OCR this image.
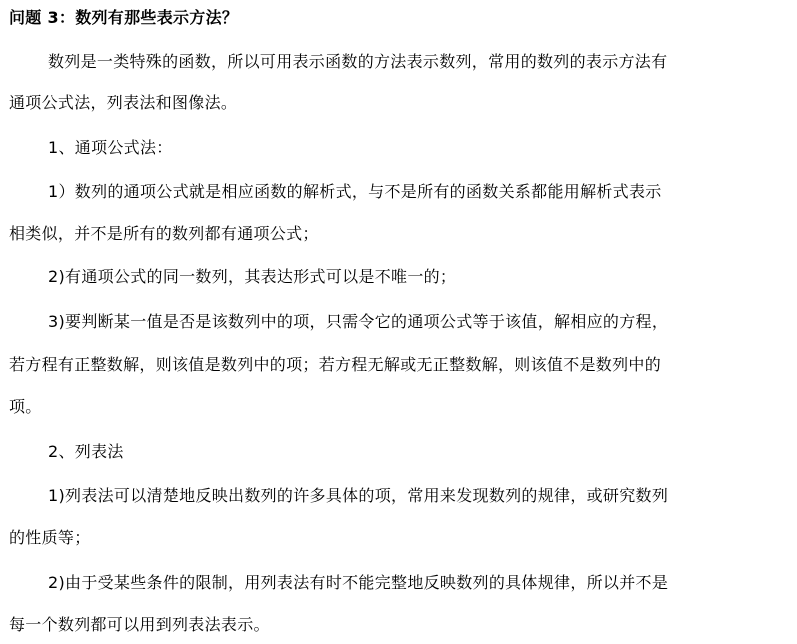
问题 3：数列有那些表示方法？
数列是一类特殊的函数，所以可用表示函数的方法表示数列，常用的数列的表示方法有
通项公式法，列表法和图像法。
1、通项公式法：
1）数列的通项公式就是相应函数的解析式，与不是所有的函数关系都能用解析式表示
相类似，并不是所有的数列都有通项公式；
2)有通项公式的同一数列，其表达形式可以是不唯一的；
3)要判断某一值是否是该数列中的项，只需令它的通项公式等于该值，解相应的方程，
若方程有正整数解，则该值是数列中的项；若方程无解或无正整数解，则该值不是数列中的
项。
2、列表法
1)列表法可以清楚地反映出数列的许多具体的项，常用来发现数列的规律，或研究数列
的性质等；
2)由于受某些条件的限制，用列表法有时不能完整地反映数列的具体规律，所以并不是
每一个数列都可以用到列表法表示。
